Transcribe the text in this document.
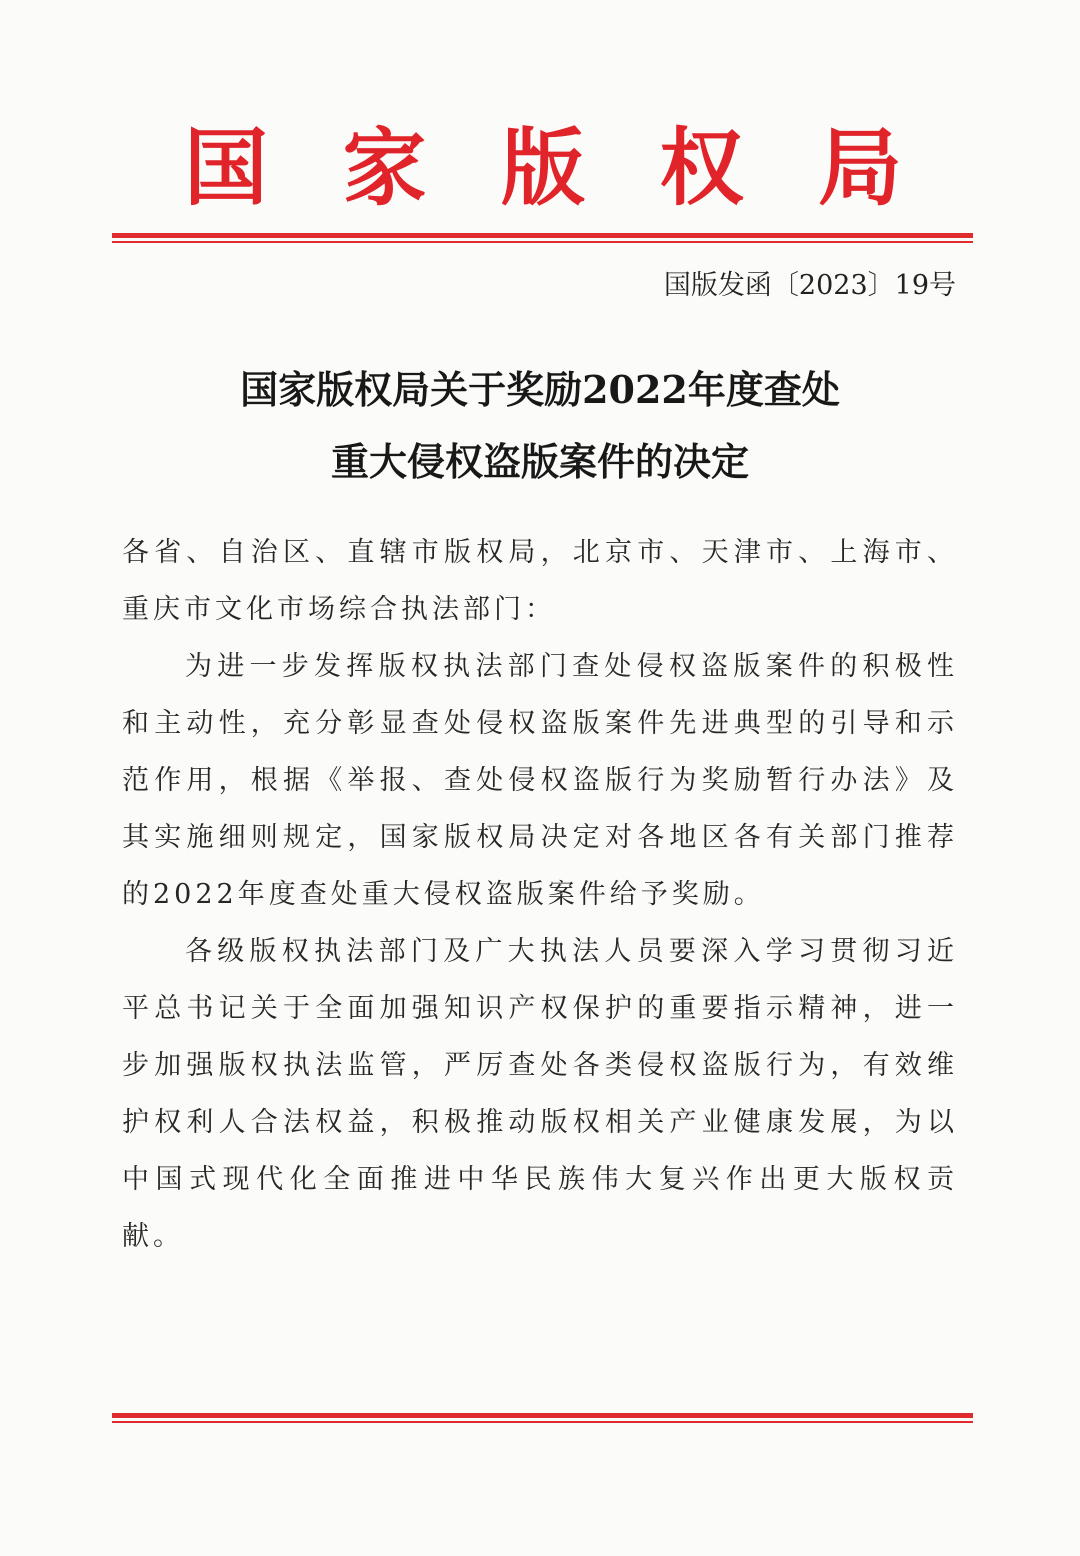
国 家 版 权 局
国版发函〔2023〕19号
国家版权局关于奖励2022年度查处
重大侵权盗版案件的决定

各省、自治区、直辖市版权局，北京市、天津市、上海市、重庆市文化市场综合执法部门：

为进一步发挥版权执法部门查处侵权盗版案件的积极性和主动性，充分彰显查处侵权盗版案件先进典型的引导和示范作用，根据《举报、查处侵权盗版行为奖励暂行办法》及其实施细则规定，国家版权局决定对各地区各有关部门推荐的2022年度查处重大侵权盗版案件给予奖励。

各级版权执法部门及广大执法人员要深入学习贯彻习近平总书记关于全面加强知识产权保护的重要指示精神，进一步加强版权执法监管，严厉查处各类侵权盗版行为，有效维护权利人合法权益，积极推动版权相关产业健康发展，为以中国式现代化全面推进中华民族伟大复兴作出更大版权贡献。
